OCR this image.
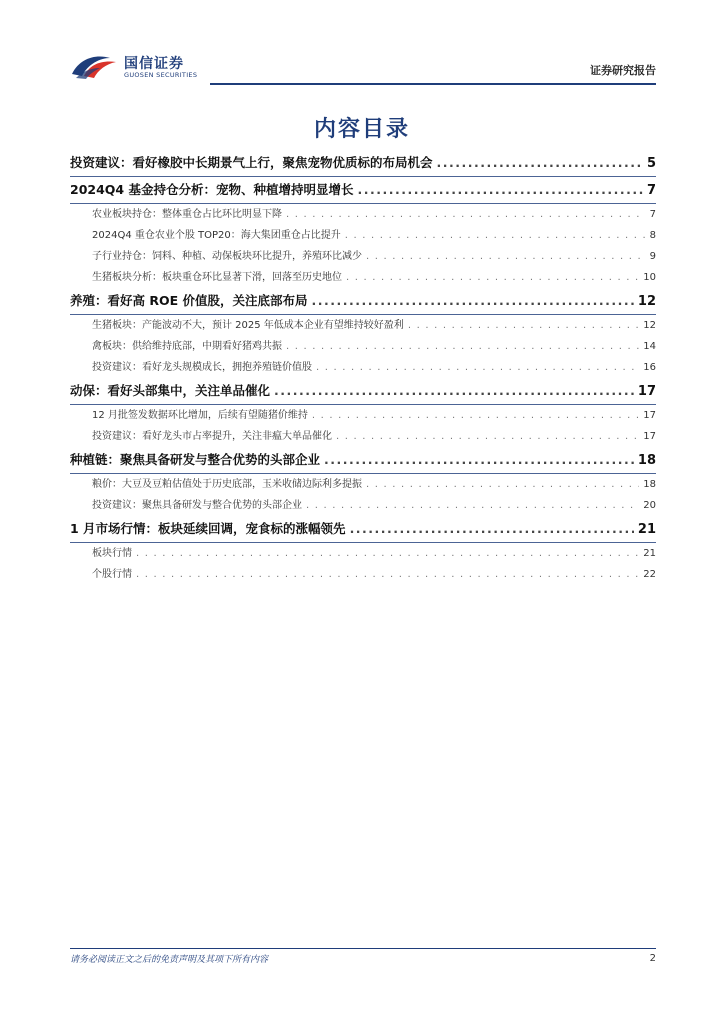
国信证券
GUOSEN SECURITIES	证券研究报告
内容目录
投资建议：看好橡胶中长期景气上行，聚焦宠物优质标的布局机会 .....	5
2024Q4 基金持仓分析：宠物、种植增持明显增长 .....	7
农业板块持仓：整体重仓占比环比明显下降 . . .	7
2024Q4 重仓农业个股 TOP20：海大集团重仓占比提升 . . .	8
子行业持仓：饲料、种植、动保板块环比提升，养殖环比减少 . . .	9
生猪板块分析：板块重仓环比显著下滑，回落至历史地位 . . .	10
养殖：看好高 ROE 价值股，关注底部布局 .....	12
生猪板块：产能波动不大，预计 2025 年低成本企业有望维持较好盈利 . . .	12
禽板块：供给维持底部，中期看好猪鸡共振 . . .	14
投资建议：看好龙头规模成长，拥抱养殖链价值股 . . .	16
动保：看好头部集中，关注单品催化 .....	17
12 月批签发数据环比增加，后续有望随猪价维持 . . .	17
投资建议：看好龙头市占率提升，关注非瘟大单品催化 . . .	17
种植链：聚焦具备研发与整合优势的头部企业 .....	18
粮价：大豆及豆粕估值处于历史底部，玉米收储边际利多提振 . . .	18
投资建议：聚焦具备研发与整合优势的头部企业 . . .	20
1 月市场行情：板块延续回调，宠食标的涨幅领先 .....	21
板块行情 . . .	21
个股行情 . . .	22
请务必阅读正文之后的免责声明及其项下所有内容	2
